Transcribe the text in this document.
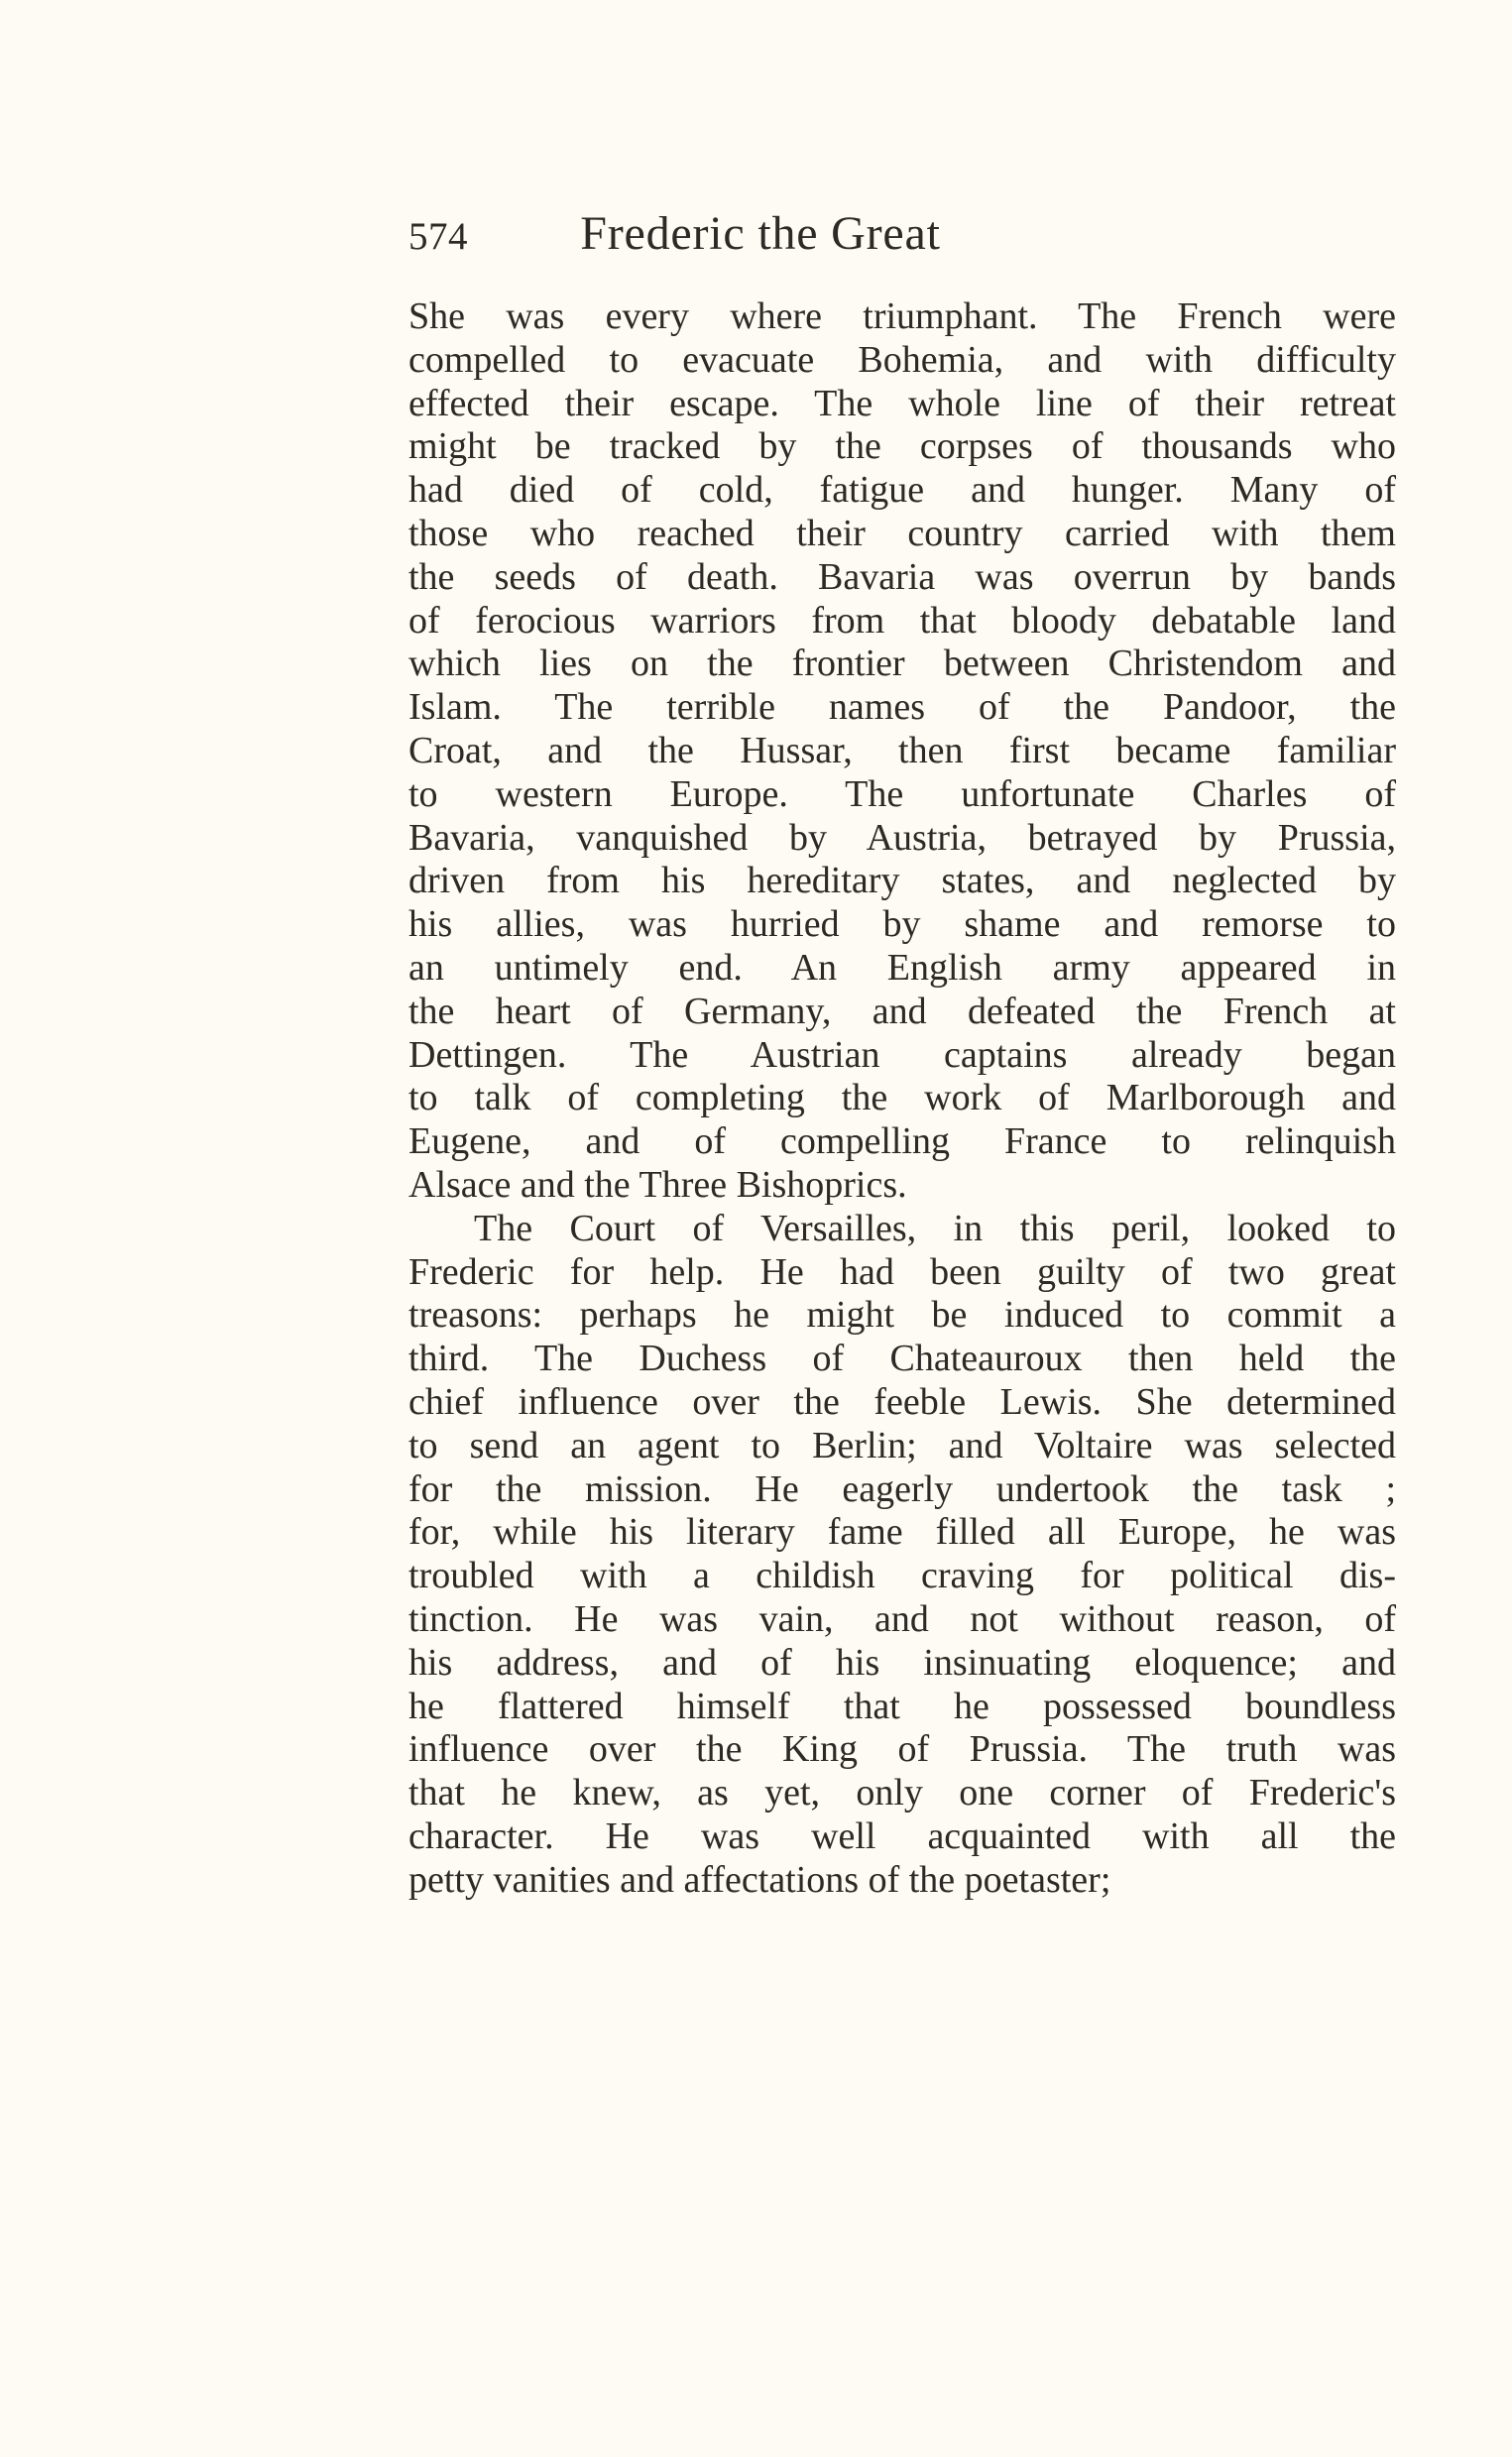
574	Frederic the Great
She was every where triumphant. The French were
compelled to evacuate Bohemia, and with difficulty
effected their escape. The whole line of their retreat
might be tracked by the corpses of thousands who
had died of cold, fatigue and hunger. Many of
those who reached their country carried with them
the seeds of death. Bavaria was overrun by bands
of ferocious warriors from that bloody debatable land
which lies on the frontier between Christendom and
Islam. The terrible names of the Pandoor, the
Croat, and the Hussar, then first became familiar
to western Europe. The unfortunate Charles of
Bavaria, vanquished by Austria, betrayed by Prussia,
driven from his hereditary states, and neglected by
his allies, was hurried by shame and remorse to
an untimely end. An English army appeared in
the heart of Germany, and defeated the French at
Dettingen. The Austrian captains already began
to talk of completing the work of Marlborough and
Eugene, and of compelling France to relinquish
Alsace and the Three Bishoprics.
The Court of Versailles, in this peril, looked to
Frederic for help. He had been guilty of two great
treasons: perhaps he might be induced to commit a
third. The Duchess of Chateauroux then held the
chief influence over the feeble Lewis. She determined
to send an agent to Berlin; and Voltaire was selected
for the mission. He eagerly undertook the task ;
for, while his literary fame filled all Europe, he was
troubled with a childish craving for political dis-
tinction. He was vain, and not without reason, of
his address, and of his insinuating eloquence; and
he flattered himself that he possessed boundless
influence over the King of Prussia. The truth was
that he knew, as yet, only one corner of Frederic's
character. He was well acquainted with all the
petty vanities and affectations of the poetaster;
